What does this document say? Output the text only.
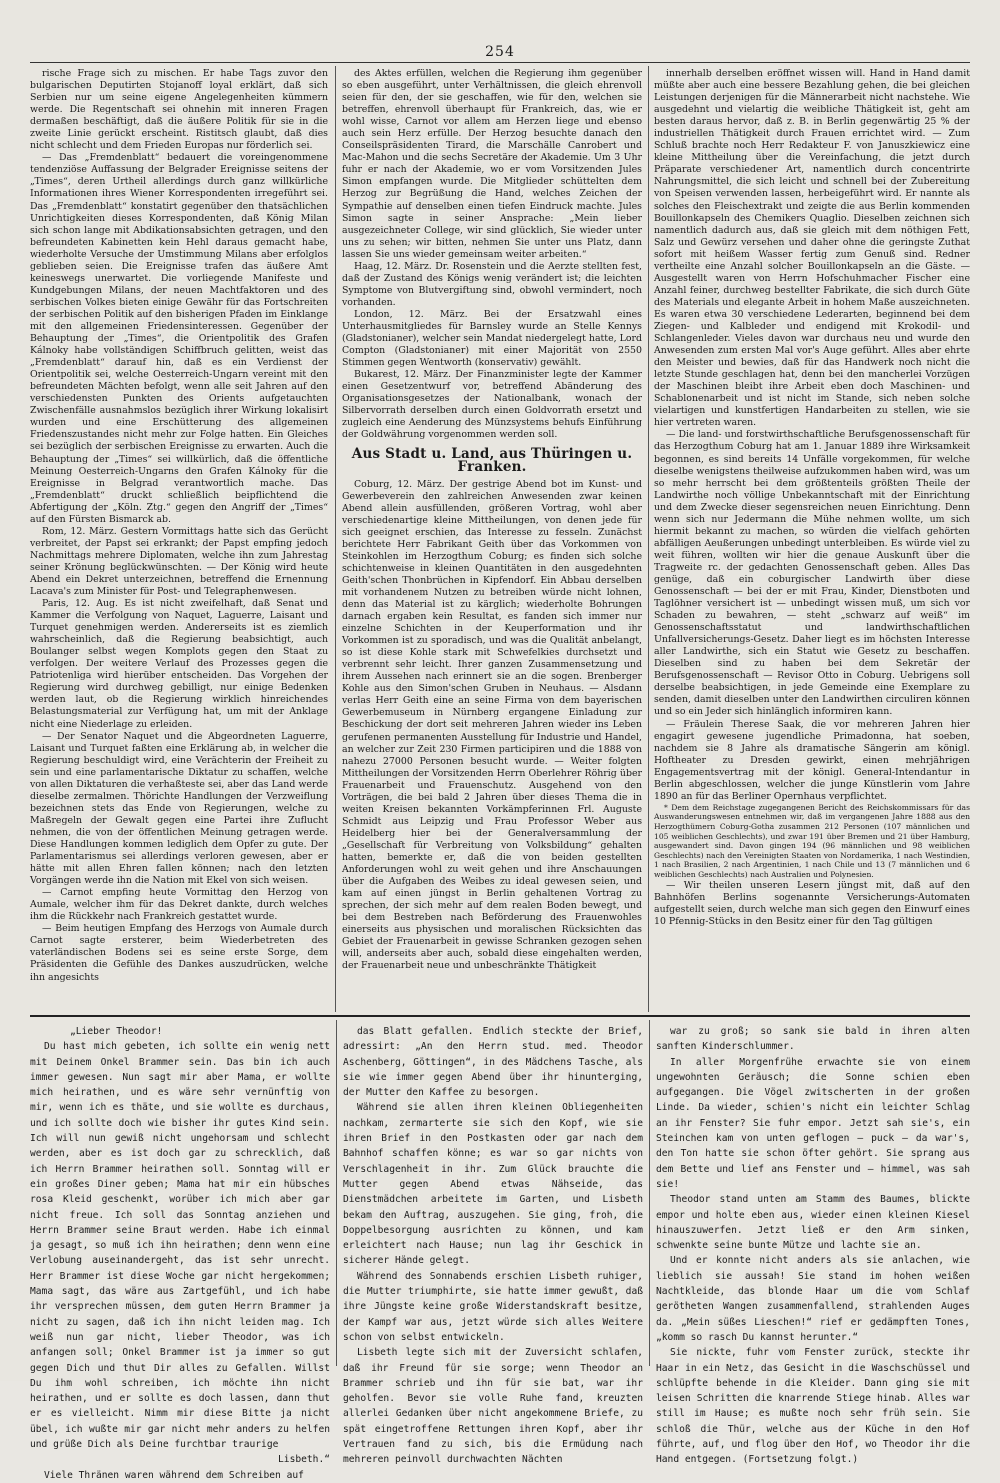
254

rische Frage sich zu mischen. Er habe Tags zuvor den bulgarischen Deputirten Stojanoff loyal erklärt, daß sich Serbien nur um seine eigene Angelegenheiten kümmern werde. Die Regentschaft sei ohnehin mit inneren Fragen dermaßen beschäftigt, daß die äußere Politik für sie in die zweite Linie gerückt erscheint. Ristitsch glaubt, daß dies nicht schlecht und dem Frieden Europas nur förderlich sei.

— Das „Fremdenblatt“ bedauert die voreingenommene tendenziöse Auffassung der Belgrader Ereignisse seitens der „Times“, deren Urtheil allerdings durch ganz willkürliche Informationen ihres Wiener Korrespondenten irregeführt sei. Das „Fremdenblatt“ konstatirt gegenüber den thatsächlichen Unrichtigkeiten dieses Korrespondenten, daß König Milan sich schon lange mit Abdikationsabsichten getragen, und den befreundeten Kabinetten kein Hehl daraus gemacht habe, wiederholte Versuche der Umstimmung Milans aber erfolglos geblieben seien. Die Ereignisse trafen das äußere Amt keineswegs unerwartet. Die vorliegende Manifeste und Kundgebungen Milans, der neuen Machtfaktoren und des serbischen Volkes bieten einige Gewähr für das Fortschreiten der serbischen Politik auf den bisherigen Pfaden im Einklange mit den allgemeinen Friedensinteressen. Gegenüber der Behauptung der „Times“, die Orientpolitik des Grafen Kálnoky habe vollständigen Schiffbruch gelitten, weist das „Fremdenblatt“ darauf hin, daß es ein Verdienst der Orientpolitik sei, welche Oesterreich-Ungarn vereint mit den befreundeten Mächten befolgt, wenn alle seit Jahren auf den verschiedensten Punkten des Orients aufgetauchten Zwischenfälle ausnahmslos bezüglich ihrer Wirkung lokalisirt wurden und eine Erschütterung des allgemeinen Friedenszustandes nicht mehr zur Folge hatten. Ein Gleiches sei bezüglich der serbischen Ereignisse zu erwarten. Auch die Behauptung der „Times“ sei willkürlich, daß die öffentliche Meinung Oesterreich-Ungarns den Grafen Kálnoky für die Ereignisse in Belgrad verantwortlich mache. Das „Fremdenblatt“ druckt schließlich beipflichtend die Abfertigung der „Köln. Ztg.“ gegen den Angriff der „Times“ auf den Fürsten Bismarck ab.

Rom, 12. März. Gestern Vormittags hatte sich das Gerücht verbreitet, der Papst sei erkrankt; der Papst empfing jedoch Nachmittags mehrere Diplomaten, welche ihn zum Jahrestag seiner Krönung beglückwünschten. — Der König wird heute Abend ein Dekret unterzeichnen, betreffend die Ernennung Lacava's zum Minister für Post- und Telegraphenwesen.

Paris, 12. Aug. Es ist nicht zweifelhaft, daß Senat und Kammer die Verfolgung von Naquet, Laguerre, Laisant und Turquet genehmigen werden. Andererseits ist es ziemlich wahrscheinlich, daß die Regierung beabsichtigt, auch Boulanger selbst wegen Komplots gegen den Staat zu verfolgen. Der weitere Verlauf des Prozesses gegen die Patriotenliga wird hierüber entscheiden. Das Vorgehen der Regierung wird durchweg gebilligt, nur einige Bedenken werden laut, ob die Regierung wirklich hinreichendes Belastungsmaterial zur Verfügung hat, um mit der Anklage nicht eine Niederlage zu erleiden.

— Der Senator Naquet und die Abgeordneten Laguerre, Laisant und Turquet faßten eine Erklärung ab, in welcher die Regierung beschuldigt wird, eine Verächterin der Freiheit zu sein und eine parlamentarische Diktatur zu schaffen, welche von allen Diktaturen die verhaßteste sei, aber das Land werde dieselbe zermalmen. Thörichte Handlungen der Verzweiflung bezeichnen stets das Ende von Regierungen, welche zu Maßregeln der Gewalt gegen eine Partei ihre Zuflucht nehmen, die von der öffentlichen Meinung getragen werde. Diese Handlungen kommen lediglich dem Opfer zu gute. Der Parlamentarismus sei allerdings verloren gewesen, aber er hätte mit allen Ehren fallen können; nach den letzten Vorgängen werde ihn die Nation mit Ekel von sich weisen.

— Carnot empfing heute Vormittag den Herzog von Aumale, welcher ihm für das Dekret dankte, durch welches ihm die Rückkehr nach Frankreich gestattet wurde.

— Beim heutigen Empfang des Herzogs von Aumale durch Carnot sagte ersterer, beim Wiederbetreten des vaterländischen Bodens sei es seine erste Sorge, dem Präsidenten die Gefühle des Dankes auszudrücken, welche ihn angesichts

des Aktes erfüllen, welchen die Regierung ihm gegenüber so eben ausgeführt, unter Verhältnissen, die gleich ehrenvoll seien für den, der sie geschaffen, wie für den, welchen sie betreffen, ehrenvoll überhaupt für Frankreich, das, wie er wohl wisse, Carnot vor allem am Herzen liege und ebenso auch sein Herz erfülle. Der Herzog besuchte danach den Conseilspräsidenten Tirard, die Marschälle Canrobert und Mac-Mahon und die sechs Secretäre der Akademie. Um 3 Uhr fuhr er nach der Akademie, wo er vom Vorsitzenden Jules Simon empfangen wurde. Die Mitglieder schüttelten dem Herzog zur Begrüßung die Hand, welches Zeichen der Sympathie auf denselben einen tiefen Eindruck machte. Jules Simon sagte in seiner Ansprache: „Mein lieber ausgezeichneter College, wir sind glücklich, Sie wieder unter uns zu sehen; wir bitten, nehmen Sie unter uns Platz, dann lassen Sie uns wieder gemeinsam weiter arbeiten.“

Haag, 12. März. Dr. Rosenstein und die Aerzte stellten fest, daß der Zustand des Königs wenig verändert ist; die leichten Symptome von Blutvergiftung sind, obwohl vermindert, noch vorhanden.

London, 12. März. Bei der Ersatzwahl eines Unterhausmitgliedes für Barnsley wurde an Stelle Kennys (Gladstonianer), welcher sein Mandat niedergelegt hatte, Lord Compton (Gladstonianer) mit einer Majorität von 2550 Stimmen gegen Wentworth (konservativ) gewählt.

Bukarest, 12. März. Der Finanzminister legte der Kammer einen Gesetzentwurf vor, betreffend Abänderung des Organisationsgesetzes der Nationalbank, wonach der Silbervorrath derselben durch einen Goldvorrath ersetzt und zugleich eine Aenderung des Münzsystems behufs Einführung der Goldwährung vorgenommen werden soll.

Aus Stadt u. Land, aus Thüringen u. Franken.

Coburg, 12. März. Der gestrige Abend bot im Kunst- und Gewerbeverein den zahlreichen Anwesenden zwar keinen Abend allein ausfüllenden, größeren Vortrag, wohl aber verschiedenartige kleine Mittheilungen, von denen jede für sich geeignet erschien, das Interesse zu fesseln. Zunächst berichtete Herr Fabrikant Geith über das Vorkommen von Steinkohlen im Herzogthum Coburg; es finden sich solche schichtenweise in kleinen Quantitäten in den ausgedehnten Geith'schen Thonbrüchen in Kipfendorf. Ein Abbau derselben mit vorhandenem Nutzen zu betreiben würde nicht lohnen, denn das Material ist zu kärglich; wiederholte Bohrungen darnach ergaben kein Resultat, es fanden sich immer nur einzelne Schichten in der Keuperformation und ihr Vorkommen ist zu sporadisch, und was die Qualität anbelangt, so ist diese Kohle stark mit Schwefelkies durchsetzt und verbrennt sehr leicht. Ihrer ganzen Zusammensetzung und ihrem Aussehen nach erinnert sie an die sogen. Brenberger Kohle aus den Simon'schen Gruben in Neuhaus. — Alsdann verlas Herr Geith eine an seine Firma von dem bayerischen Gewerbemuseum in Nürnberg ergangene Einladung zur Beschickung der dort seit mehreren Jahren wieder ins Leben gerufenen permanenten Ausstellung für Industrie und Handel, an welcher zur Zeit 230 Firmen participiren und die 1888 von nahezu 27000 Personen besucht wurde. — Weiter folgten Mittheilungen der Vorsitzenden Herrn Oberlehrer Röhrig über Frauenarbeit und Frauenschutz. Ausgehend von den Vorträgen, die bei bald 2 Jahren über dieses Thema die in weiten Kreisen bekannten Vorkämpferinnen Frl. Auguste Schmidt aus Leipzig und Frau Professor Weber aus Heidelberg hier bei der Generalversammlung der „Gesellschaft für Verbreitung von Volksbildung“ gehalten hatten, bemerkte er, daß die von beiden gestellten Anforderungen wohl zu weit gehen und ihre Anschauungen über die Aufgaben des Weibes zu ideal gewesen seien, und kam auf einen jüngst in Berlin gehaltenen Vortrag zu sprechen, der sich mehr auf dem realen Boden bewegt, und bei dem Bestreben nach Beförderung des Frauenwohles einerseits aus physischen und moralischen Rücksichten das Gebiet der Frauenarbeit in gewisse Schranken gezogen sehen will, anderseits aber auch, sobald diese eingehalten werden, der Frauenarbeit neue und unbeschränkte Thätigkeit

innerhalb derselben eröffnet wissen will. Hand in Hand damit müßte aber auch eine bessere Bezahlung gehen, die bei gleichen Leistungen derjenigen für die Männerarbeit nicht nachstehe. Wie ausgedehnt und vielartig die weibliche Thätigkeit ist, geht am besten daraus hervor, daß z. B. in Berlin gegenwärtig 25 % der industriellen Thätigkeit durch Frauen errichtet wird. — Zum Schluß brachte noch Herr Redakteur F. von Januszkiewicz eine kleine Mittheilung über die Vereinfachung, die jetzt durch Präparate verschiedener Art, namentlich durch concentrirte Nahrungsmittel, die sich leicht und schnell bei der Zubereitung von Speisen verwenden lassen, herbeigeführt wird. Er nannte als solches den Fleischextrakt und zeigte die aus Berlin kommenden Bouillonkapseln des Chemikers Quaglio. Dieselben zeichnen sich namentlich dadurch aus, daß sie gleich mit dem nöthigen Fett, Salz und Gewürz versehen und daher ohne die geringste Zuthat sofort mit heißem Wasser fertig zum Genuß sind. Redner vertheilte eine Anzahl solcher Bouillonkapseln an die Gäste. — Ausgestellt waren von Herrn Hofschuhmacher Fischer eine Anzahl feiner, durchweg bestellter Fabrikate, die sich durch Güte des Materials und elegante Arbeit in hohem Maße auszeichneten. Es waren etwa 30 verschiedene Lederarten, beginnend bei dem Ziegen- und Kalbleder und endigend mit Krokodil- und Schlangenleder. Vieles davon war durchaus neu und wurde den Anwesenden zum ersten Mal vor's Auge geführt. Alles aber ehrte den Meister und bewies, daß für das Handwerk noch nicht die letzte Stunde geschlagen hat, denn bei den mancherlei Vorzügen der Maschinen bleibt ihre Arbeit eben doch Maschinen- und Schablonenarbeit und ist nicht im Stande, sich neben solche vielartigen und kunstfertigen Handarbeiten zu stellen, wie sie hier vertreten waren.

— Die land- und forstwirthschaftliche Berufsgenossenschaft für das Herzogthum Coburg hat am 1. Januar 1889 ihre Wirksamkeit begonnen, es sind bereits 14 Unfälle vorgekommen, für welche dieselbe wenigstens theilweise aufzukommen haben wird, was um so mehr herrscht bei dem größtenteils größten Theile der Landwirthe noch völlige Unbekanntschaft mit der Einrichtung und dem Zwecke dieser segensreichen neuen Einrichtung. Denn wenn sich nur Jedermann die Mühe nehmen wollte, um sich hiermit bekannt zu machen, so würden die vielfach gehörten abfälligen Aeußerungen unbedingt unterbleiben. Es würde viel zu weit führen, wollten wir hier die genaue Auskunft über die Tragweite rc. der gedachten Genossenschaft geben. Alles Das genüge, daß ein coburgischer Landwirth über diese Genossenschaft — bei der er mit Frau, Kinder, Dienstboten und Taglöhner versichert ist — unbedingt wissen muß, um sich vor Schaden zu bewahren, — steht „schwarz auf weiß“ im Genossenschaftsstatut und landwirthschaftlichen Unfallversicherungs-Gesetz. Daher liegt es im höchsten Interesse aller Landwirthe, sich ein Statut wie Gesetz zu beschaffen. Dieselben sind zu haben bei dem Sekretär der Berufsgenossenschaft — Revisor Otto in Coburg. Uebrigens soll derselbe beabsichtigen, in jede Gemeinde eine Exemplare zu senden, damit dieselben unter den Landwirthen circuliren können und so ein Jeder sich hinlänglich informiren kann.

— Fräulein Therese Saak, die vor mehreren Jahren hier engagirt gewesene jugendliche Primadonna, hat soeben, nachdem sie 8 Jahre als dramatische Sängerin am königl. Hoftheater zu Dresden gewirkt, einen mehrjährigen Engagementsvertrag mit der königl. General-Intendantur in Berlin abgeschlossen, welcher die junge Künstlerin vom Jahre 1890 an für das Berliner Opernhaus verpflichtet.

* Dem dem Reichstage zugegangenen Bericht des Reichskommissars für das Auswanderungswesen entnehmen wir, daß im vergangenen Jahre 1888 aus den Herzogthümern Coburg-Gotha zusammen 212 Personen (107 männlichen und 105 weiblichen Geschlechts), und zwar 191 über Bremen und 21 über Hamburg, ausgewandert sind. Davon gingen 194 (96 männlichen und 98 weiblichen Geschlechts) nach den Vereinigten Staaten von Nordamerika, 1 nach Westindien, 1 nach Brasilien, 2 nach Argentinien, 1 nach Chile und 13 (7 männlichen und 6 weiblichen Geschlechts) nach Australien und Polynesien.

— Wir theilen unseren Lesern jüngst mit, daß auf den Bahnhöfen Berlins sogenannte Versicherungs-Automaten aufgestellt seien, durch welche man sich gegen den Einwurf eines 10 Pfennig-Stücks in den Besitz einer für den Tag gültigen

„Lieber Theodor!

Du hast mich gebeten, ich sollte ein wenig nett mit Deinem Onkel Brammer sein. Das bin ich auch immer gewesen. Nun sagt mir aber Mama, er wollte mich heirathen, und es wäre sehr vernünftig von mir, wenn ich es thäte, und sie wollte es durchaus, und ich sollte doch wie bisher ihr gutes Kind sein. Ich will nun gewiß nicht ungehorsam und schlecht werden, aber es ist doch gar zu schrecklich, daß ich Herrn Brammer heirathen soll. Sonntag will er ein großes Diner geben; Mama hat mir ein hübsches rosa Kleid geschenkt, worüber ich mich aber gar nicht freue. Ich soll das Sonntag anziehen und Herrn Brammer seine Braut werden. Habe ich einmal ja gesagt, so muß ich ihn heirathen; denn wenn eine Verlobung auseinandergeht, das ist sehr unrecht. Herr Brammer ist diese Woche gar nicht hergekommen; Mama sagt, das wäre aus Zartgefühl, und ich habe ihr versprechen müssen, dem guten Herrn Brammer ja nicht zu sagen, daß ich ihn nicht leiden mag. Ich weiß nun gar nicht, lieber Theodor, was ich anfangen soll; Onkel Brammer ist ja immer so gut gegen Dich und thut Dir alles zu Gefallen. Willst Du ihm wohl schreiben, ich möchte ihn nicht heirathen, und er sollte es doch lassen, dann thut er es vielleicht. Nimm mir diese Bitte ja nicht übel, ich wußte mir gar nicht mehr anders zu helfen und grüße Dich als Deine furchtbar traurige

Lisbeth.“

Viele Thränen waren während dem Schreiben auf

das Blatt gefallen. Endlich steckte der Brief, adressirt: „An den Herrn stud. med. Theodor Aschenberg, Göttingen“, in des Mädchens Tasche, als sie wie immer gegen Abend über ihr hinunterging, der Mutter den Kaffee zu besorgen.

Während sie allen ihren kleinen Obliegenheiten nachkam, zermarterte sie sich den Kopf, wie sie ihren Brief in den Postkasten oder gar nach dem Bahnhof schaffen könne; es war so gar nichts von Verschlagenheit in ihr. Zum Glück brauchte die Mutter gegen Abend etwas Nähseide, das Dienstmädchen arbeitete im Garten, und Lisbeth bekam den Auftrag, auszugehen. Sie ging, froh, die Doppelbesorgung ausrichten zu können, und kam erleichtert nach Hause; nun lag ihr Geschick in sicherer Hände gelegt.

Während des Sonnabends erschien Lisbeth ruhiger, die Mutter triumphirte, sie hatte immer gewußt, daß ihre Jüngste keine große Widerstandskraft besitze, der Kampf war aus, jetzt würde sich alles Weitere schon von selbst entwickeln.

Lisbeth legte sich mit der Zuversicht schlafen, daß ihr Freund für sie sorge; wenn Theodor an Brammer schrieb und ihn für sie bat, war ihr geholfen. Bevor sie volle Ruhe fand, kreuzten allerlei Gedanken über nicht angekommene Briefe, zu spät eingetroffene Rettungen ihren Kopf, aber ihr Vertrauen fand zu sich, bis die Ermüdung nach mehreren peinvoll durchwachten Nächten

war zu groß; so sank sie bald in ihren alten sanften Kinderschlummer.

In aller Morgenfrühe erwachte sie von einem ungewohnten Geräusch; die Sonne schien eben aufgegangen. Die Vögel zwitscherten in der großen Linde. Da wieder, schien's nicht ein leichter Schlag an ihr Fenster? Sie fuhr empor. Jetzt sah sie's, ein Steinchen kam von unten geflogen — puck — da war's, den Ton hatte sie schon öfter gehört. Sie sprang aus dem Bette und lief ans Fenster und — himmel, was sah sie!

Theodor stand unten am Stamm des Baumes, blickte empor und holte eben aus, wieder einen kleinen Kiesel hinauszuwerfen. Jetzt ließ er den Arm sinken, schwenkte seine bunte Mütze und lachte sie an.

Und er konnte nicht anders als sie anlachen, wie lieblich sie aussah! Sie stand im hohen weißen Nachtkleide, das blonde Haar um die vom Schlaf gerötheten Wangen zusammenfallend, strahlenden Auges da. „Mein süßes Lieschen!“ rief er gedämpften Tones, „komm so rasch Du kannst herunter.“

Sie nickte, fuhr vom Fenster zurück, steckte ihr Haar in ein Netz, das Gesicht in die Waschschüssel und schlüpfte behende in die Kleider. Dann ging sie mit leisen Schritten die knarrende Stiege hinab. Alles war still im Hause; es mußte noch sehr früh sein. Sie schloß die Thür, welche aus der Küche in den Hof führte, auf, und flog über den Hof, wo Theodor ihr die Hand entgegen. (Fortsetzung folgt.)
